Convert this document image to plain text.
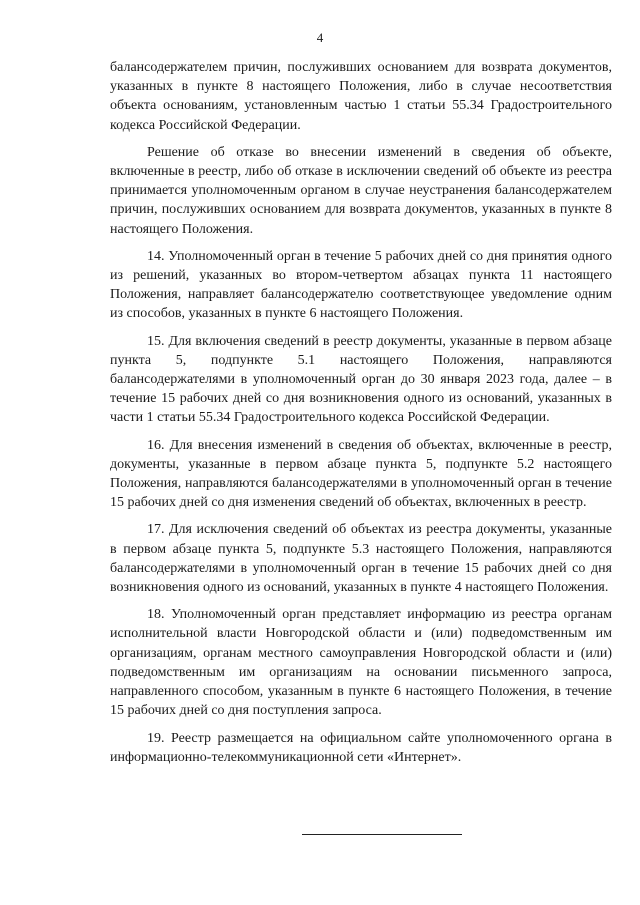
4

балансодержателем причин, послуживших основанием для возврата документов, указанных в пункте 8 настоящего Положения, либо в случае несоответствия объекта основаниям, установленным частью 1 статьи 55.34 Градостроительного кодекса Российской Федерации.

Решение об отказе во внесении изменений в сведения об объекте, включенные в реестр, либо об отказе в исключении сведений об объекте из реестра принимается уполномоченным органом в случае неустранения балансодержателем причин, послуживших основанием для возврата документов, указанных в пункте 8 настоящего Положения.

14. Уполномоченный орган в течение 5 рабочих дней со дня принятия одного из решений, указанных во втором-четвертом абзацах пункта 11 настоящего Положения, направляет балансодержателю соответствующее уведомление одним из способов, указанных в пункте 6 настоящего Положения.

15. Для включения сведений в реестр документы, указанные в первом абзаце пункта 5, подпункте 5.1 настоящего Положения, направляются балансодержателями в уполномоченный орган до 30 января 2023 года, далее – в течение 15 рабочих дней со дня возникновения одного из оснований, указанных в части 1 статьи 55.34 Градостроительного кодекса Российской Федерации.

16. Для внесения изменений в сведения об объектах, включенные в реестр, документы, указанные в первом абзаце пункта 5, подпункте 5.2 настоящего Положения, направляются балансодержателями в уполномоченный орган в течение 15 рабочих дней со дня изменения сведений об объектах, включенных в реестр.

17. Для исключения сведений об объектах из реестра документы, указанные в первом абзаце пункта 5, подпункте 5.3 настоящего Положения, направляются балансодержателями в уполномоченный орган в течение 15 рабочих дней со дня возникновения одного из оснований, указанных в пункте 4 настоящего Положения.

18. Уполномоченный орган представляет информацию из реестра органам исполнительной власти Новгородской области и (или) подведомственным им организациям, органам местного самоуправления Новгородской области и (или) подведомственным им организациям на основании письменного запроса, направленного способом, указанным в пункте 6 настоящего Положения, в течение 15 рабочих дней со дня поступления запроса.

19. Реестр размещается на официальном сайте уполномоченного органа в информационно-телекоммуникационной сети «Интернет».
